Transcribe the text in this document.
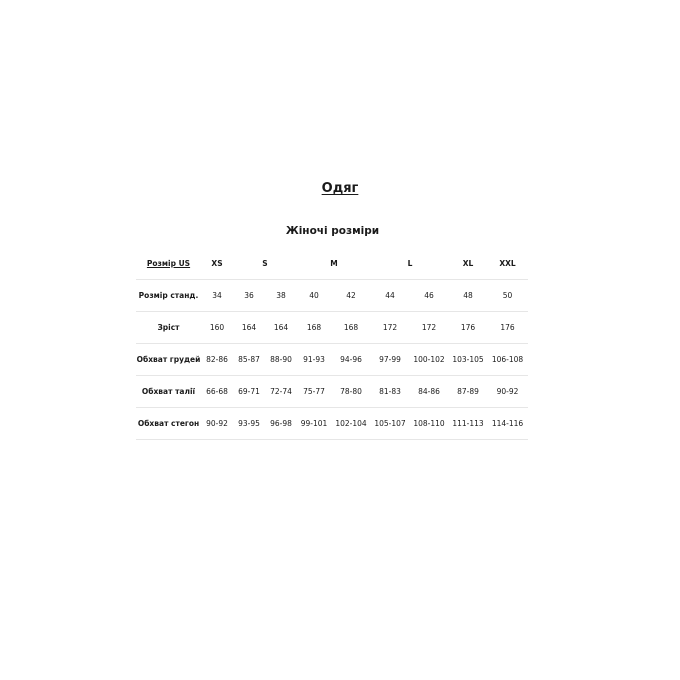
Одяг
Жіночі розміри
Розмір US	XS	S		M		L		XL	XXL
Розмір станд.	34	36	38	40	42	44	46	48	50
Зріст	160	164	164	168	168	172	172	176	176
Обхват грудей	82-86	85-87	88-90	91-93	94-96	97-99	100-102	103-105	106-108
Обхват талії	66-68	69-71	72-74	75-77	78-80	81-83	84-86	87-89	90-92
Обхват стегон	90-92	93-95	96-98	99-101	102-104	105-107	108-110	111-113	114-116
